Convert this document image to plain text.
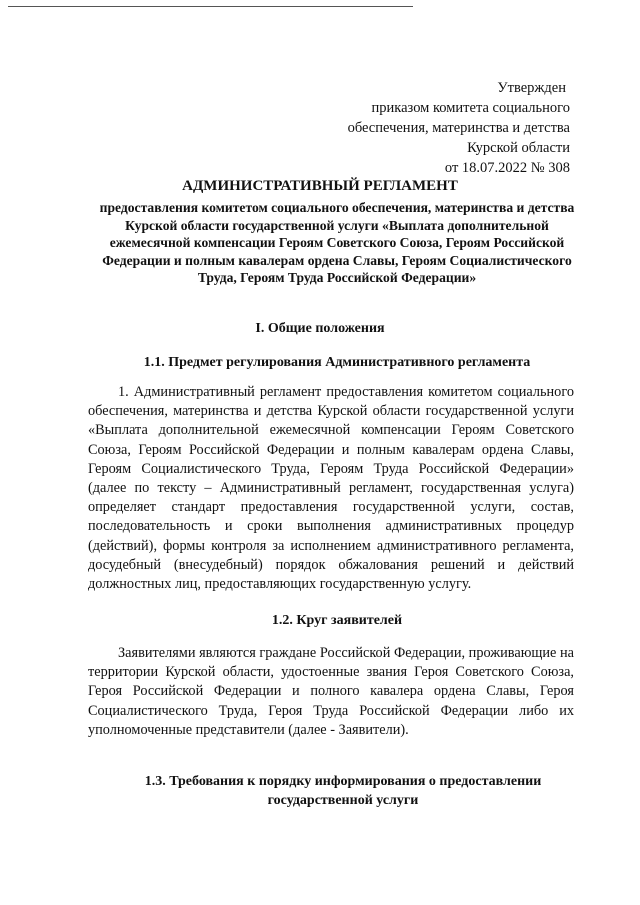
Утвержден
приказом комитета социального
обеспечения, материнства и детства
Курской области
от 18.07.2022 № 308
АДМИНИСТРАТИВНЫЙ РЕГЛАМЕНТ
предоставления комитетом социального обеспечения, материнства и детства Курской области государственной услуги «Выплата дополнительной ежемесячной компенсации Героям Советского Союза, Героям Российской Федерации и полным кавалерам ордена Славы, Героям Социалистического Труда, Героям Труда Российской Федерации»
I. Общие положения
1.1. Предмет регулирования Административного регламента
1. Административный регламент предоставления комитетом социального обеспечения, материнства и детства Курской области государственной услуги «Выплата дополнительной ежемесячной компенсации Героям Советского Союза, Героям Российской Федерации и полным кавалерам ордена Славы, Героям Социалистического Труда, Героям Труда Российской Федерации» (далее по тексту – Административный регламент, государственная услуга) определяет стандарт предоставления государственной услуги, состав, последовательность и сроки выполнения административных процедур (действий), формы контроля за исполнением административного регламента, досудебный (внесудебный) порядок обжалования решений и действий должностных лиц, предоставляющих государственную услугу.
1.2. Круг заявителей
Заявителями являются граждане Российской Федерации, проживающие на территории Курской области, удостоенные звания Героя Советского Союза, Героя Российской Федерации и полного кавалера ордена Славы, Героя Социалистического Труда, Героя Труда Российской Федерации либо их уполномоченные представители (далее - Заявители).
1.3. Требования к порядку информирования о предоставлении государственной услуги
